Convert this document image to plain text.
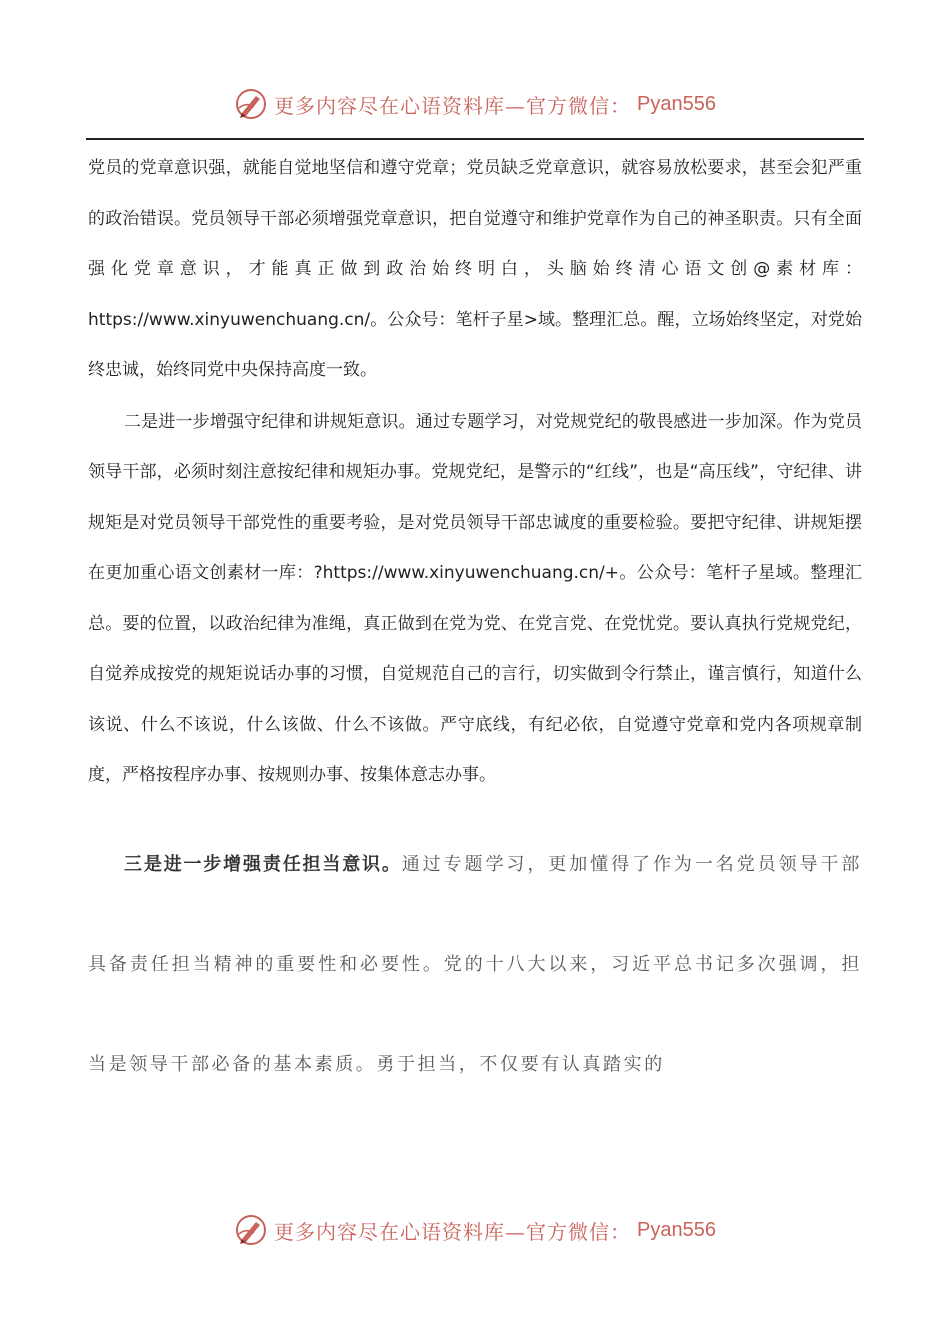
更多内容尽在心语资料库—官方微信： Pyan556

党员的党章意识强，就能自觉地坚信和遵守党章；党员缺乏党章意识，就容易放松要求，甚至会犯严重的政治错误。党员领导干部必须增强党章意识，把自觉遵守和维护党章作为自己的神圣职责。只有全面强化党章意识，才能真正做到政治始终明白，头脑始终清心语文创@素材库：https://www.xinyuwenchuang.cn/。公众号：笔杆子星>域。整理汇总。醒，立场始终坚定，对党始终忠诚，始终同党中央保持高度一致。

二是进一步增强守纪律和讲规矩意识。通过专题学习，对党规党纪的敬畏感进一步加深。作为党员领导干部，必须时刻注意按纪律和规矩办事。党规党纪，是警示的“红线”，也是“高压线”，守纪律、讲规矩是对党员领导干部党性的重要考验，是对党员领导干部忠诚度的重要检验。要把守纪律、讲规矩摆在更加重心语文创素材一库：?https://www.xinyuwenchuang.cn/+。公众号：笔杆子星域。整理汇总。要的位置，以政治纪律为准绳，真正做到在党为党、在党言党、在党忧党。要认真执行党规党纪，自觉养成按党的规矩说话办事的习惯，自觉规范自己的言行，切实做到令行禁止，谨言慎行，知道什么该说、什么不该说，什么该做、什么不该做。严守底线，有纪必依，自觉遵守党章和党内各项规章制度，严格按程序办事、按规则办事、按集体意志办事。

三是进一步增强责任担当意识。通过专题学习，更加懂得了作为一名党员领导干部具备责任担当精神的重要性和必要性。党的十八大以来，习近平总书记多次强调，担当是领导干部必备的基本素质。勇于担当，不仅要有认真踏实的

更多内容尽在心语资料库—官方微信： Pyan556
